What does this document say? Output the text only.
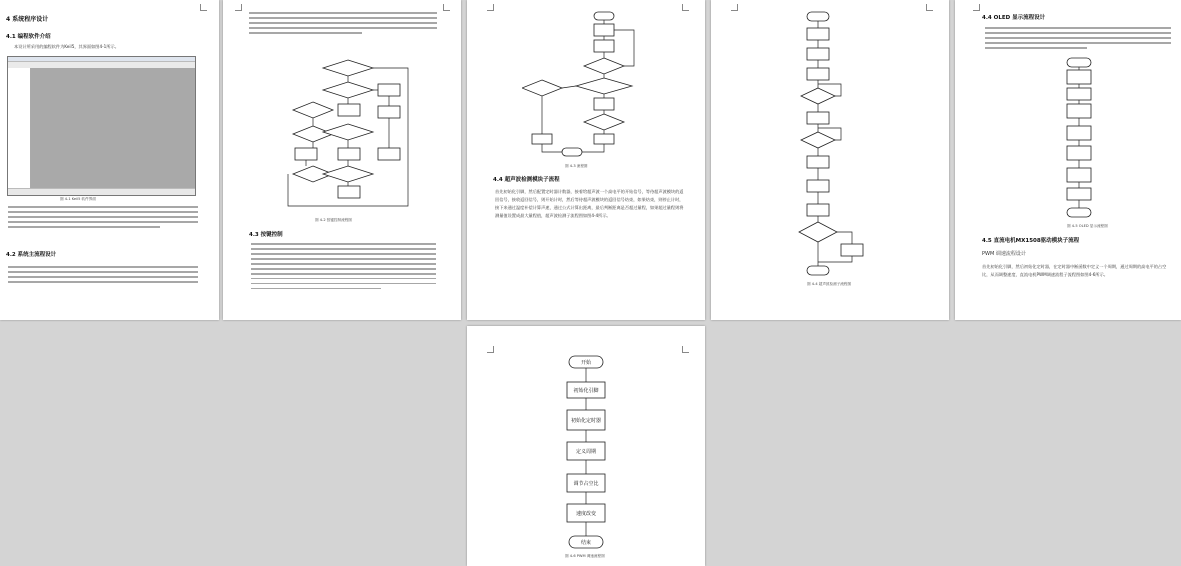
4 系统程序设计
4.1 编程软件介绍
本设计所采用的编程软件为Keil5，其界面如图4-1所示。
图 4-1 Keil5 软件界面
4.2 系统主流程设计
图 4-2 按键控制流程图
4.3 按键控制
图 4-3 流程图
4.4 超声波检测模块子流程
首先初始化引脚，然后配置定时器计数器，接着给超声波一个高电平的开始信号，等待超声波模块的返回信号，接收返回信号，则开始计时，然后等待超声波模块的返回信号结束，如果结束，则停止计时，接下来通过温度补偿计算声速，通过公式计算出距离，最后判断距离是否超过量程，如果超过量程则将测量值设置成最大量程值，超声波检测子流程图如图4-4所示。
图 4-4 超声波检测子流程图
4.4 OLED 显示流程设计
图 4-5 OLED 显示流程图
4.5 直流电机MX1508驱动模块子流程
PWM 调速流程设计
首先初始化引脚，然后初始化定时器，在定时器中断函数中定义一个周期，通过周期的高电平的占空比，从而调整速度，直流电机PWM调速流程子流程图如图4-6所示。
开始
初始化引脚
初始化定时器
定义周期
调节占空比
速度改变
结束
图 4-6 PWM 调速流程图
